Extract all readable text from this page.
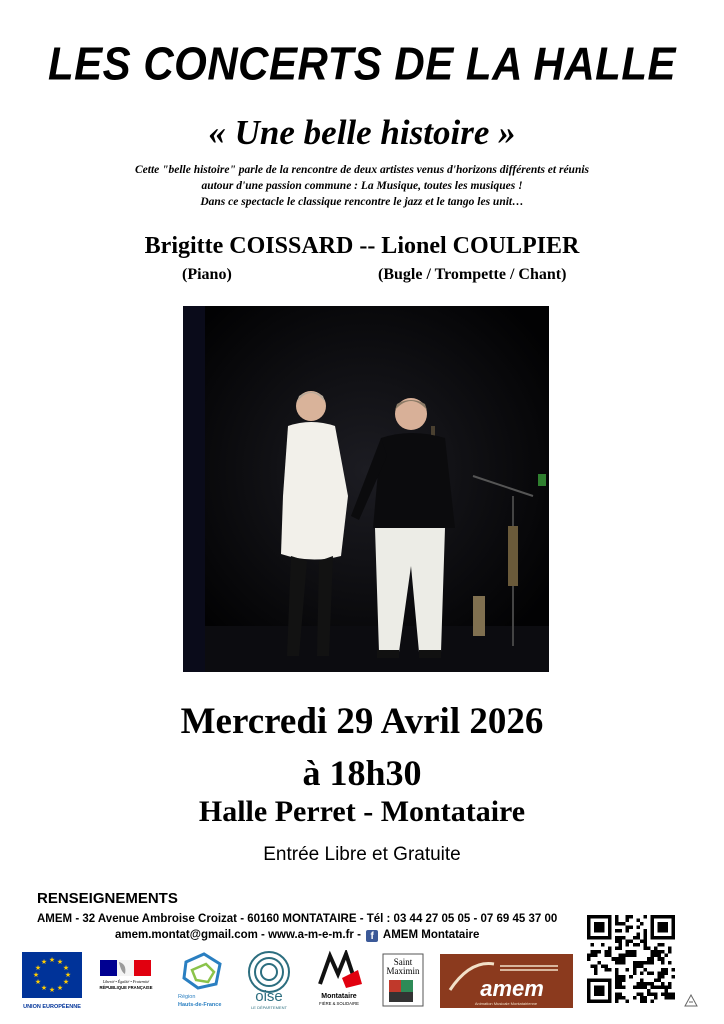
LES CONCERTS DE LA HALLE
« Une belle histoire »
Cette "belle histoire" parle de la rencontre de deux artistes venus d'horizons différents et réunis
autour d'une passion commune : La Musique, toutes les musiques !
Dans ce spectacle le classique rencontre le jazz et le tango les unit…
Brigitte COISSARD -- Lionel COULPIER
(Piano)	(Bugle / Trompette / Chant)
Mercredi 29 Avril 2026
à 18h30
Halle Perret - Montataire
Entrée Libre et Gratuite
RENSEIGNEMENTS
AMEM - 32 Avenue Ambroise Croizat - 60160 MONTATAIRE - Tél : 03 44 27 05 05 - 07 69 45 37 00
amem.montat@gmail.com - www.a-m-e-m.fr - f AMEM Montataire
★ ★
★
★
★
★
★
★
★
★
★
★
UNION EUROPÉENNE
Liberté • Égalité • Fraternité
RÉPUBLIQUE FRANÇAISE
Région
Hauts-de-France oise
LE DÉPARTEMENT
Montataire
FIÈRE & SOLIDAIRE
Saint
Maximin
amem
Animation Musicale Montatairienne
